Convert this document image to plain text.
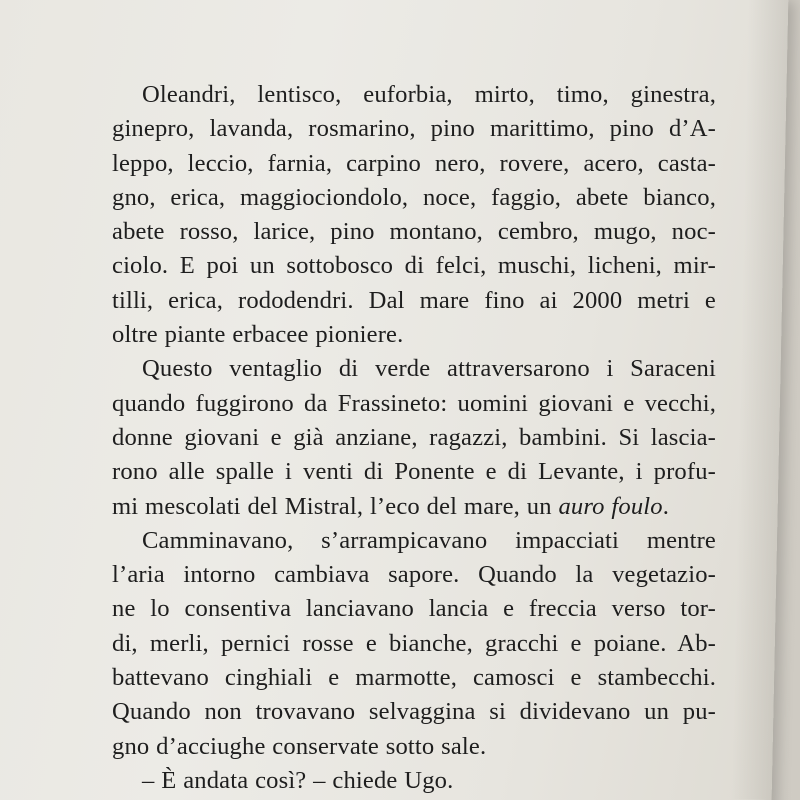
Oleandri, lentisco, euforbia, mirto, timo, ginestra,
ginepro, lavanda, rosmarino, pino marittimo, pino d’A-
leppo, leccio, farnia, carpino nero, rovere, acero, casta-
gno, erica, maggiociondolo, noce, faggio, abete bianco,
abete rosso, larice, pino montano, cembro, mugo, noc-
ciolo. E poi un sottobosco di felci, muschi, licheni, mir-
tilli, erica, rododendri. Dal mare fino ai 2000 metri e
oltre piante erbacee pioniere.
Questo ventaglio di verde attraversarono i Saraceni
quando fuggirono da Frassineto: uomini giovani e vecchi,
donne giovani e già anziane, ragazzi, bambini. Si lascia-
rono alle spalle i venti di Ponente e di Levante, i profu-
mi mescolati del Mistral, l’eco del mare, un auro foulo.
Camminavano, s’arrampicavano impacciati mentre
l’aria intorno cambiava sapore. Quando la vegetazio-
ne lo consentiva lanciavano lancia e freccia verso tor-
di, merli, pernici rosse e bianche, gracchi e poiane. Ab-
battevano cinghiali e marmotte, camosci e stambecchi.
Quando non trovavano selvaggina si dividevano un pu-
gno d’acciughe conservate sotto sale.
– È andata così? – chiede Ugo.
